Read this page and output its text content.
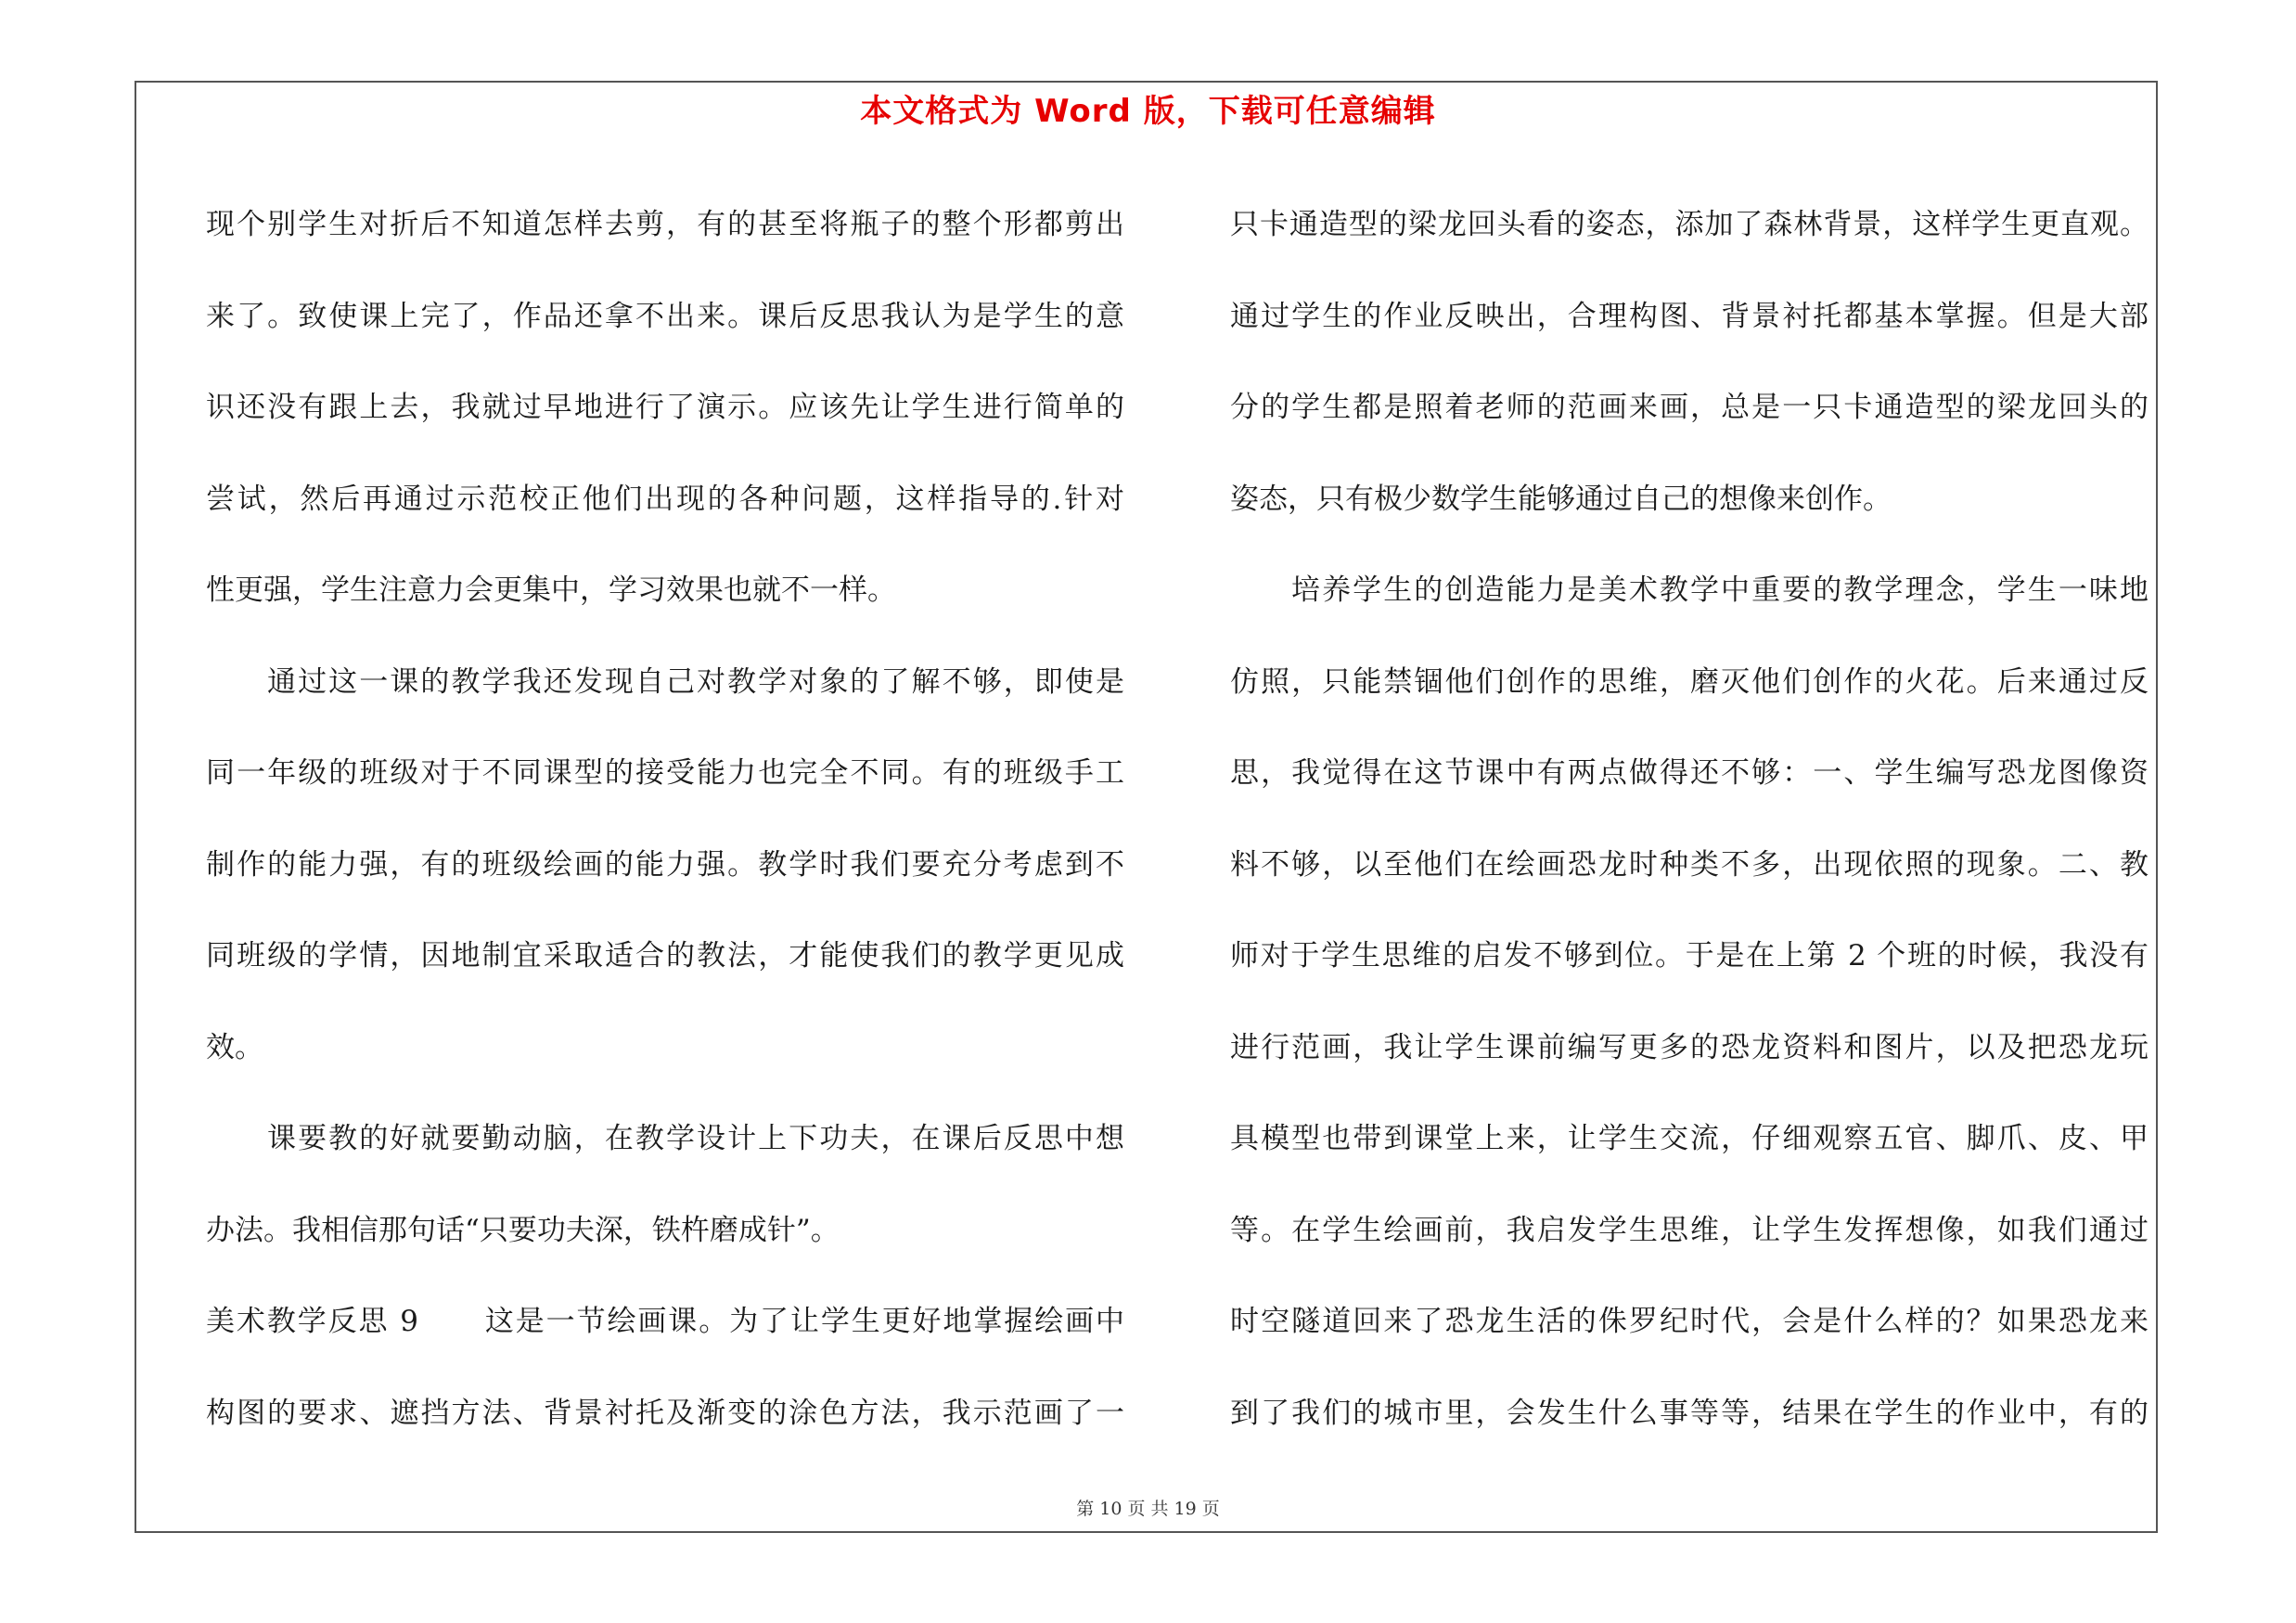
本文格式为 Word 版，下载可任意编辑
现个别学生对折后不知道怎样去剪，有的甚至将瓶子的整个形都剪出
来了。致使课上完了，作品还拿不出来。课后反思我认为是学生的意
识还没有跟上去，我就过早地进行了演示。应该先让学生进行简单的
尝试，然后再通过示范校正他们出现的各种问题，这样指导的.针对
性更强，学生注意力会更集中，学习效果也就不一样。
通过这一课的教学我还发现自己对教学对象的了解不够，即使是
同一年级的班级对于不同课型的接受能力也完全不同。有的班级手工
制作的能力强，有的班级绘画的能力强。教学时我们要充分考虑到不
同班级的学情，因地制宜采取适合的教法，才能使我们的教学更见成
效。
课要教的好就要勤动脑，在教学设计上下功夫，在课后反思中想
办法。我相信那句话“只要功夫深，铁杵磨成针”。
美术教学反思 9 这是一节绘画课。为了让学生更好地掌握绘画中
构图的要求、遮挡方法、背景衬托及渐变的涂色方法，我示范画了一
只卡通造型的梁龙回头看的姿态，添加了森林背景，这样学生更直观。
通过学生的作业反映出，合理构图、背景衬托都基本掌握。但是大部
分的学生都是照着老师的范画来画，总是一只卡通造型的梁龙回头的
姿态，只有极少数学生能够通过自己的想像来创作。
培养学生的创造能力是美术教学中重要的教学理念，学生一味地
仿照，只能禁锢他们创作的思维，磨灭他们创作的火花。后来通过反
思，我觉得在这节课中有两点做得还不够：一、学生编写恐龙图像资
料不够，以至他们在绘画恐龙时种类不多，出现依照的现象。二、教
师对于学生思维的启发不够到位。于是在上第 2 个班的时候，我没有
进行范画，我让学生课前编写更多的恐龙资料和图片，以及把恐龙玩
具模型也带到课堂上来，让学生交流，仔细观察五官、脚爪、皮、甲
等。在学生绘画前，我启发学生思维，让学生发挥想像，如我们通过
时空隧道回来了恐龙生活的侏罗纪时代，会是什么样的？如果恐龙来
到了我们的城市里，会发生什么事等等，结果在学生的作业中，有的
第 10 页 共 19 页
